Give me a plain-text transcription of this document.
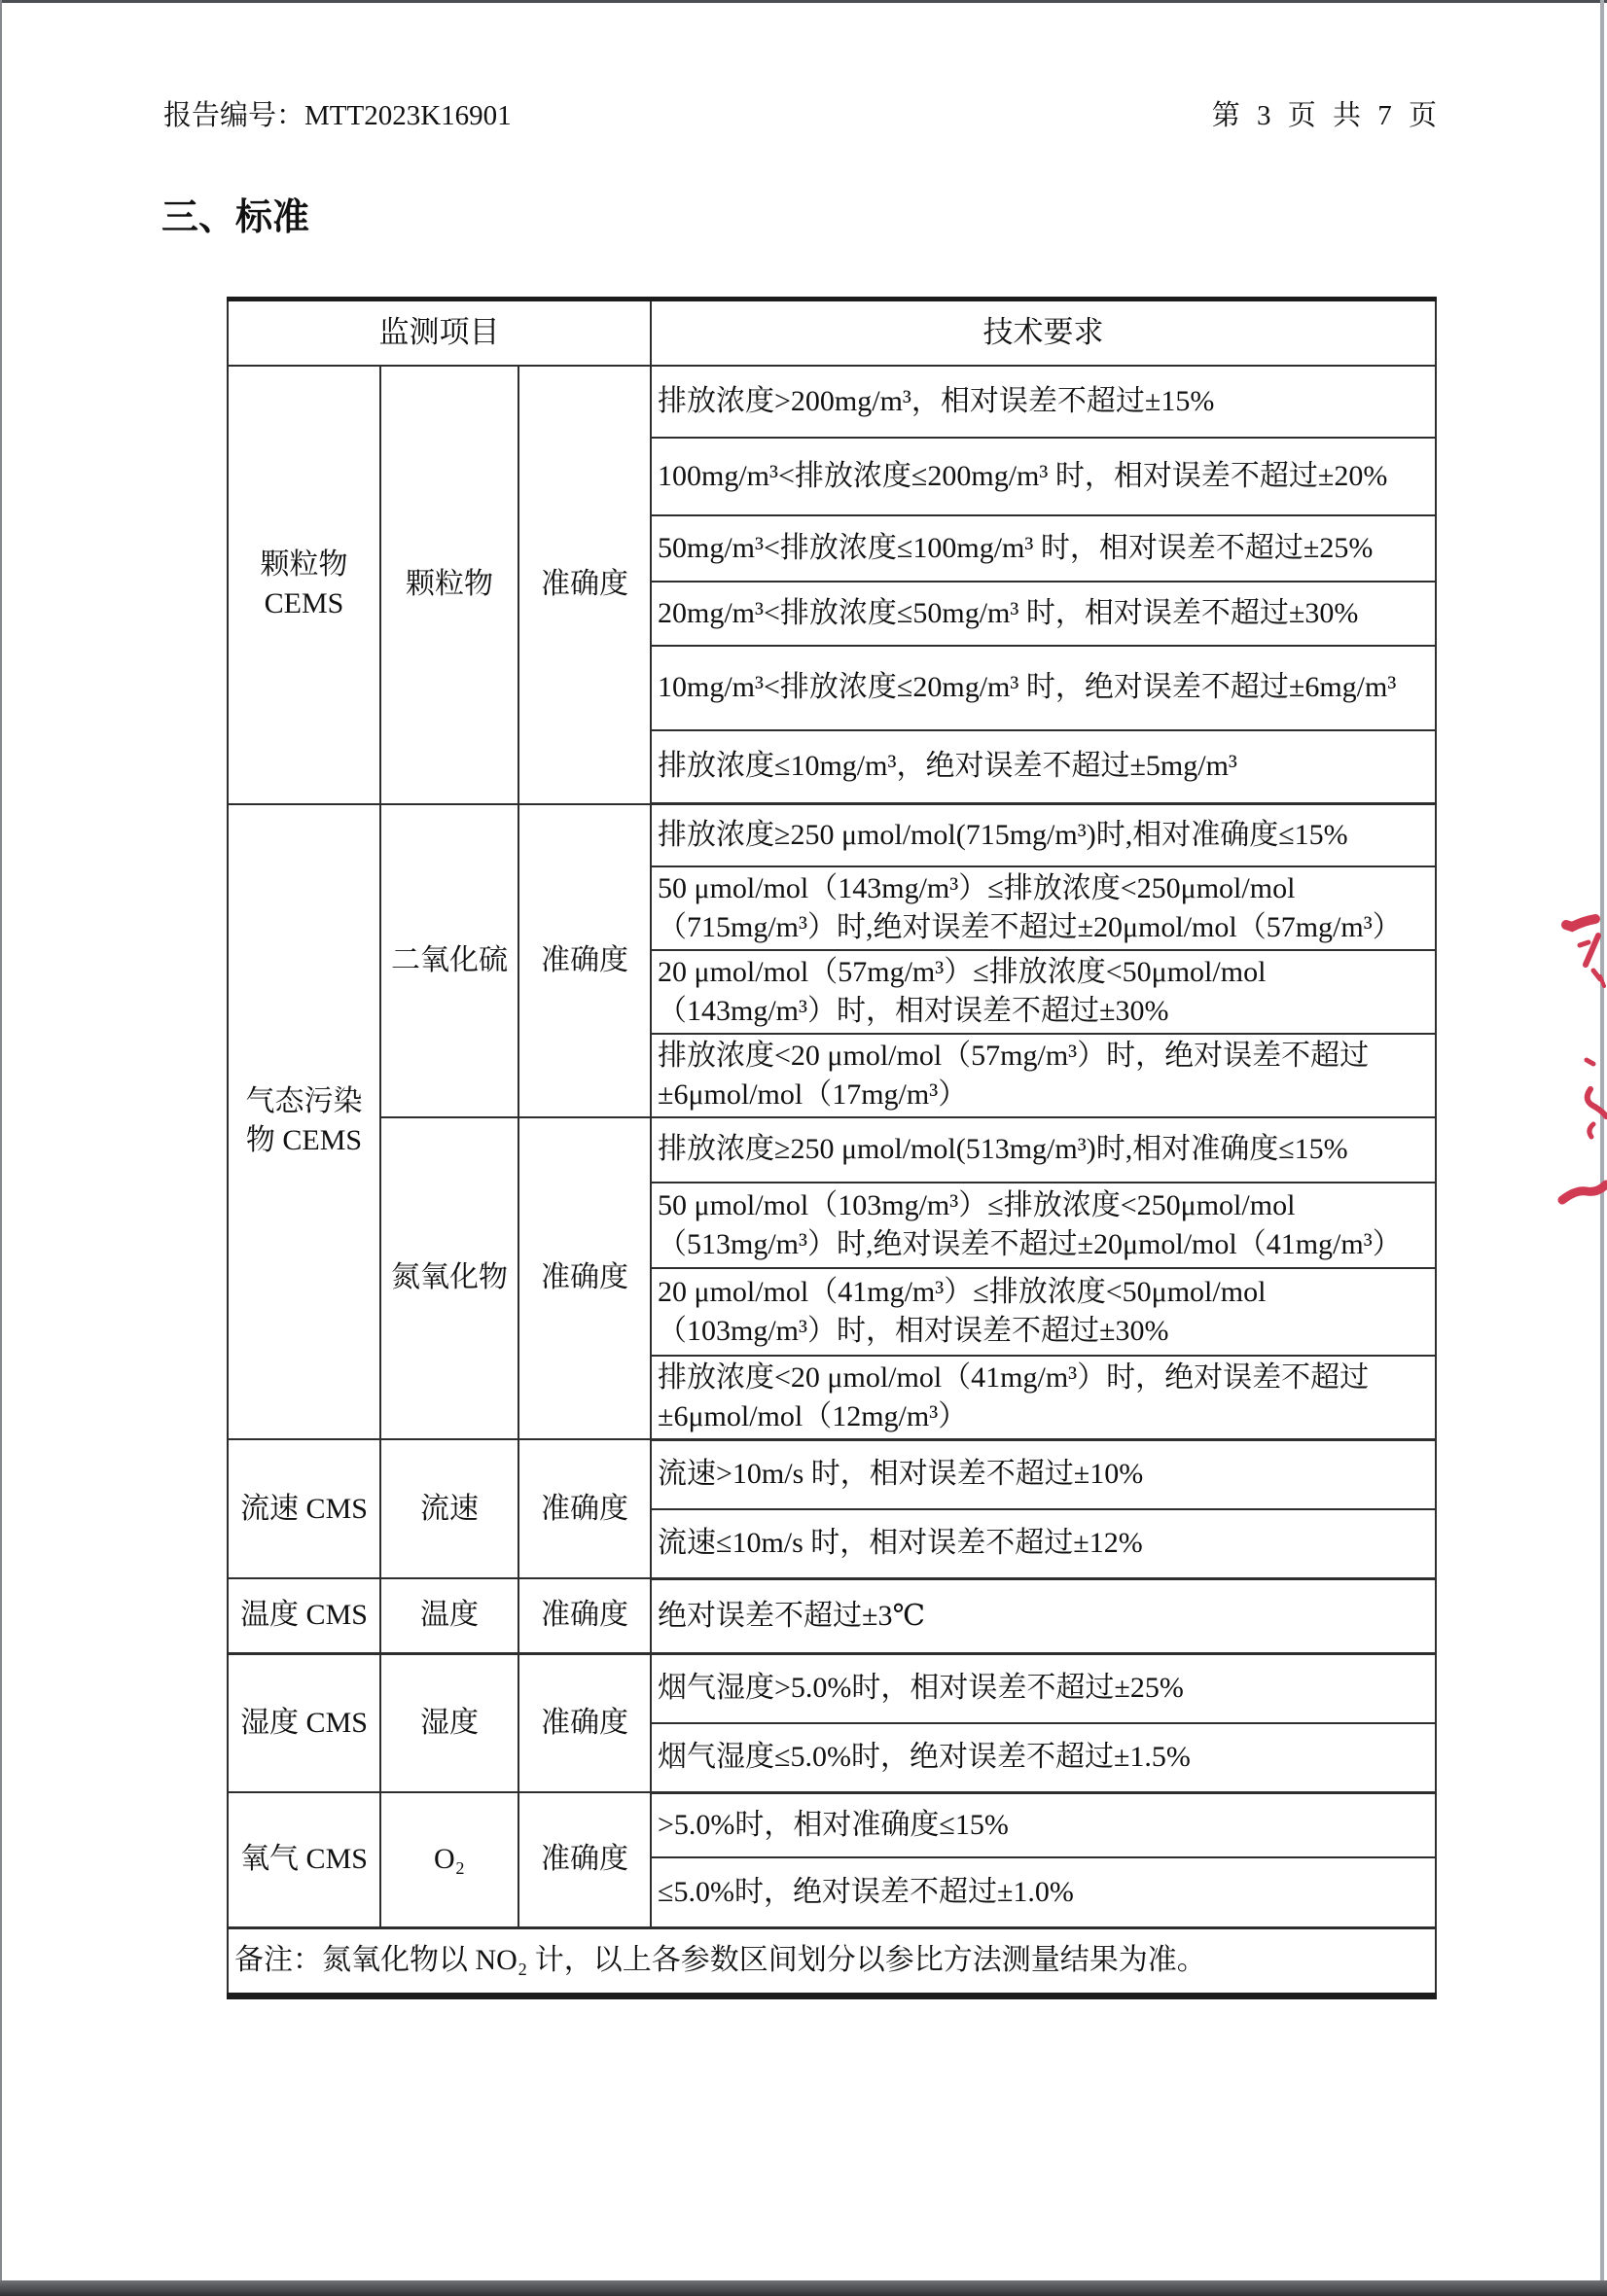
报告编号：MTT2023K16901	第 3 页 共 7 页
三、标准
监测项目			技术要求
颗粒物 CEMS	颗粒物	准确度	排放浓度>200mg/m³，相对误差不超过±15%
			100mg/m³<排放浓度≤200mg/m³ 时，相对误差不超过±20%
			50mg/m³<排放浓度≤100mg/m³ 时，相对误差不超过±25%
			20mg/m³<排放浓度≤50mg/m³ 时，相对误差不超过±30%
			10mg/m³<排放浓度≤20mg/m³ 时，绝对误差不超过±6mg/m³
			排放浓度≤10mg/m³，绝对误差不超过±5mg/m³
气态污染物 CEMS	二氧化硫	准确度	排放浓度≥250 μmol/mol(715mg/m³)时,相对准确度≤15%
			50 μmol/mol（143mg/m³）≤排放浓度<250μmol/mol（715mg/m³）时,绝对误差不超过±20μmol/mol（57mg/m³）
			20 μmol/mol（57mg/m³）≤排放浓度<50μmol/mol（143mg/m³）时，相对误差不超过±30%
			排放浓度<20 μmol/mol（57mg/m³）时，绝对误差不超过±6μmol/mol（17mg/m³）
	氮氧化物	准确度	排放浓度≥250 μmol/mol(513mg/m³)时,相对准确度≤15%
			50 μmol/mol（103mg/m³）≤排放浓度<250μmol/mol（513mg/m³）时,绝对误差不超过±20μmol/mol（41mg/m³）
			20 μmol/mol（41mg/m³）≤排放浓度<50μmol/mol（103mg/m³）时，相对误差不超过±30%
			排放浓度<20 μmol/mol（41mg/m³）时，绝对误差不超过±6μmol/mol（12mg/m³）
流速 CMS	流速	准确度	流速>10m/s 时，相对误差不超过±10%
			流速≤10m/s 时，相对误差不超过±12%
温度 CMS	温度	准确度	绝对误差不超过±3℃
湿度 CMS	湿度	准确度	烟气湿度>5.0%时，相对误差不超过±25%
			烟气湿度≤5.0%时，绝对误差不超过±1.5%
氧气 CMS	O₂	准确度	>5.0%时，相对准确度≤15%
			≤5.0%时，绝对误差不超过±1.0%
备注：氮氧化物以 NO₂ 计，以上各参数区间划分以参比方法测量结果为准。			
